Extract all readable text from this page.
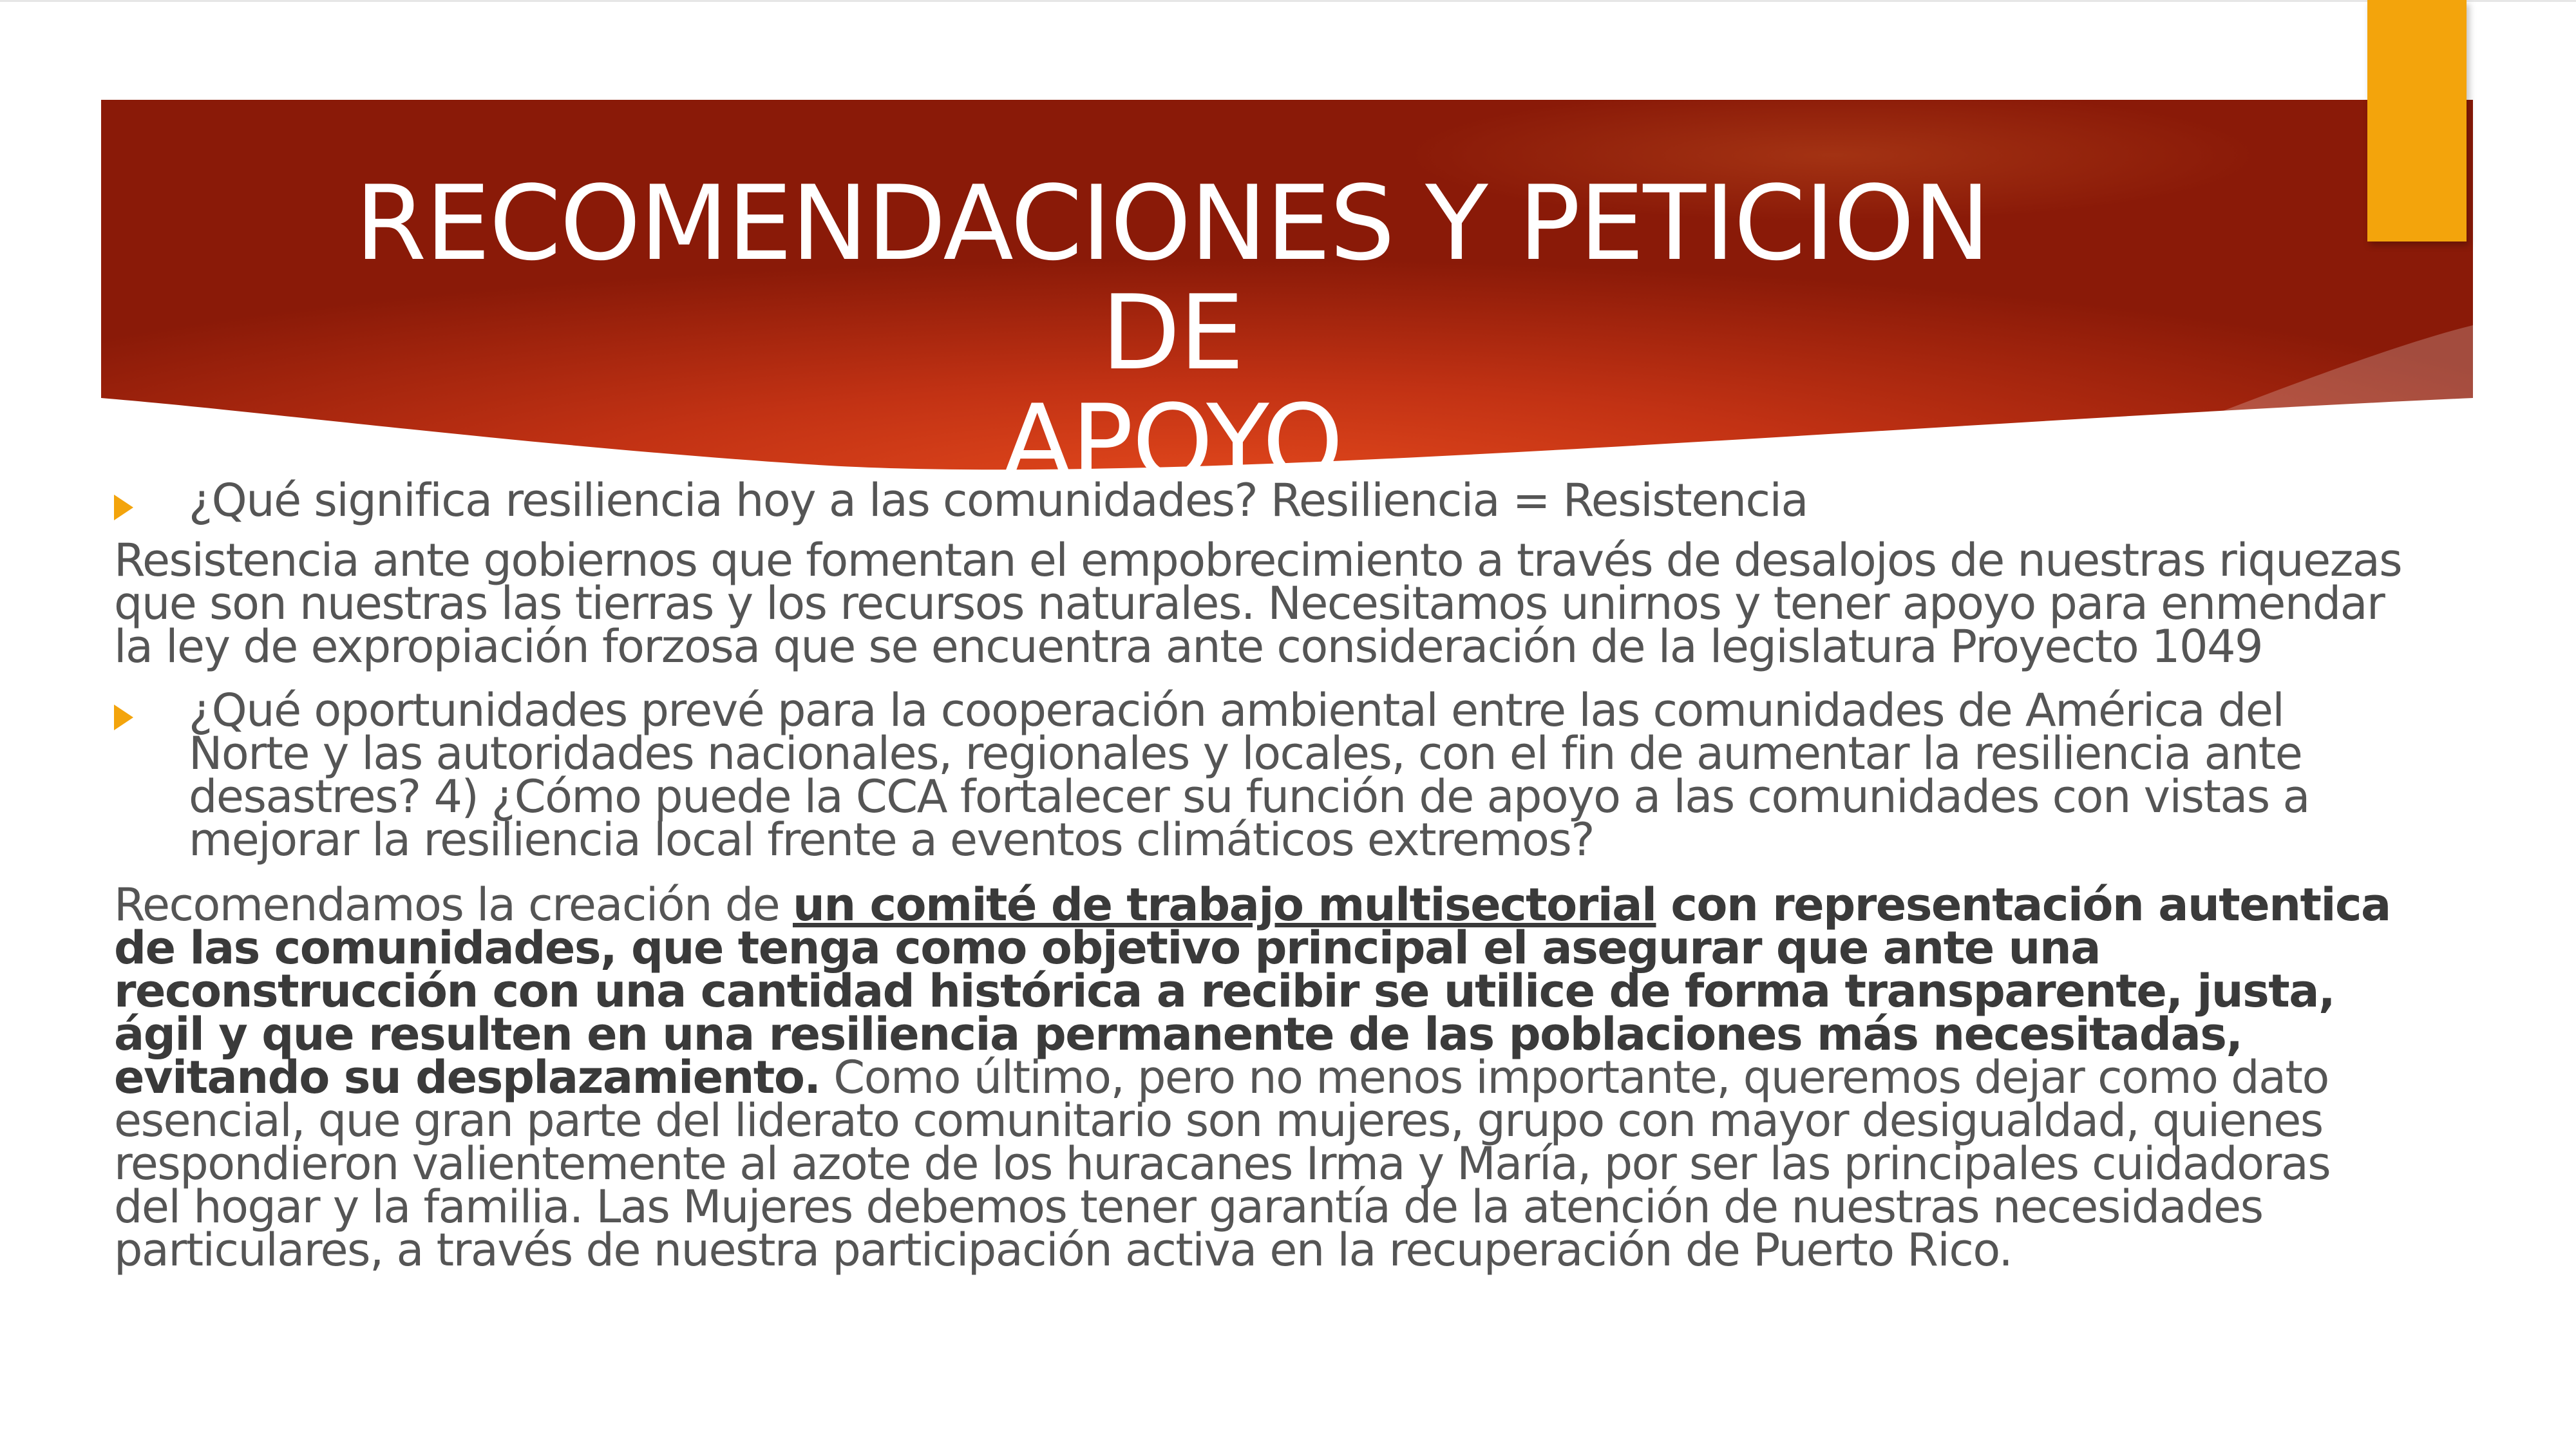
RECOMENDACIONES Y PETICION DE
APOYO
¿Qué significa resiliencia hoy a las comunidades? Resiliencia = Resistencia

Resistencia ante gobiernos que fomentan el empobrecimiento a través de desalojos de nuestras riquezas que son nuestras las tierras y los recursos naturales. Necesitamos unirnos y tener apoyo para enmendar la ley de expropiación forzosa que se encuentra ante consideración de la legislatura Proyecto 1049

¿Qué oportunidades prevé para la cooperación ambiental entre las comunidades de América del Norte y las autoridades nacionales, regionales y locales, con el fin de aumentar la resiliencia ante desastres? 4) ¿Cómo puede la CCA fortalecer su función de apoyo a las comunidades con vistas a mejorar la resiliencia local frente a eventos climáticos extremos?

Recomendamos la creación de un comité de trabajo multisectorial con representación autentica de las comunidades, que tenga como objetivo principal el asegurar que ante una reconstrucción con una cantidad histórica a recibir se utilice de forma transparente, justa, ágil y que resulten en una resiliencia permanente de las poblaciones más necesitadas, evitando su desplazamiento. Como último, pero no menos importante, queremos dejar como dato esencial, que gran parte del liderato comunitario son mujeres, grupo con mayor desigualdad, quienes respondieron valientemente al azote de los huracanes Irma y María, por ser las principales cuidadoras del hogar y la familia. Las Mujeres debemos tener garantía de la atención de nuestras necesidades particulares, a través de nuestra participación activa en la recuperación de Puerto Rico.
